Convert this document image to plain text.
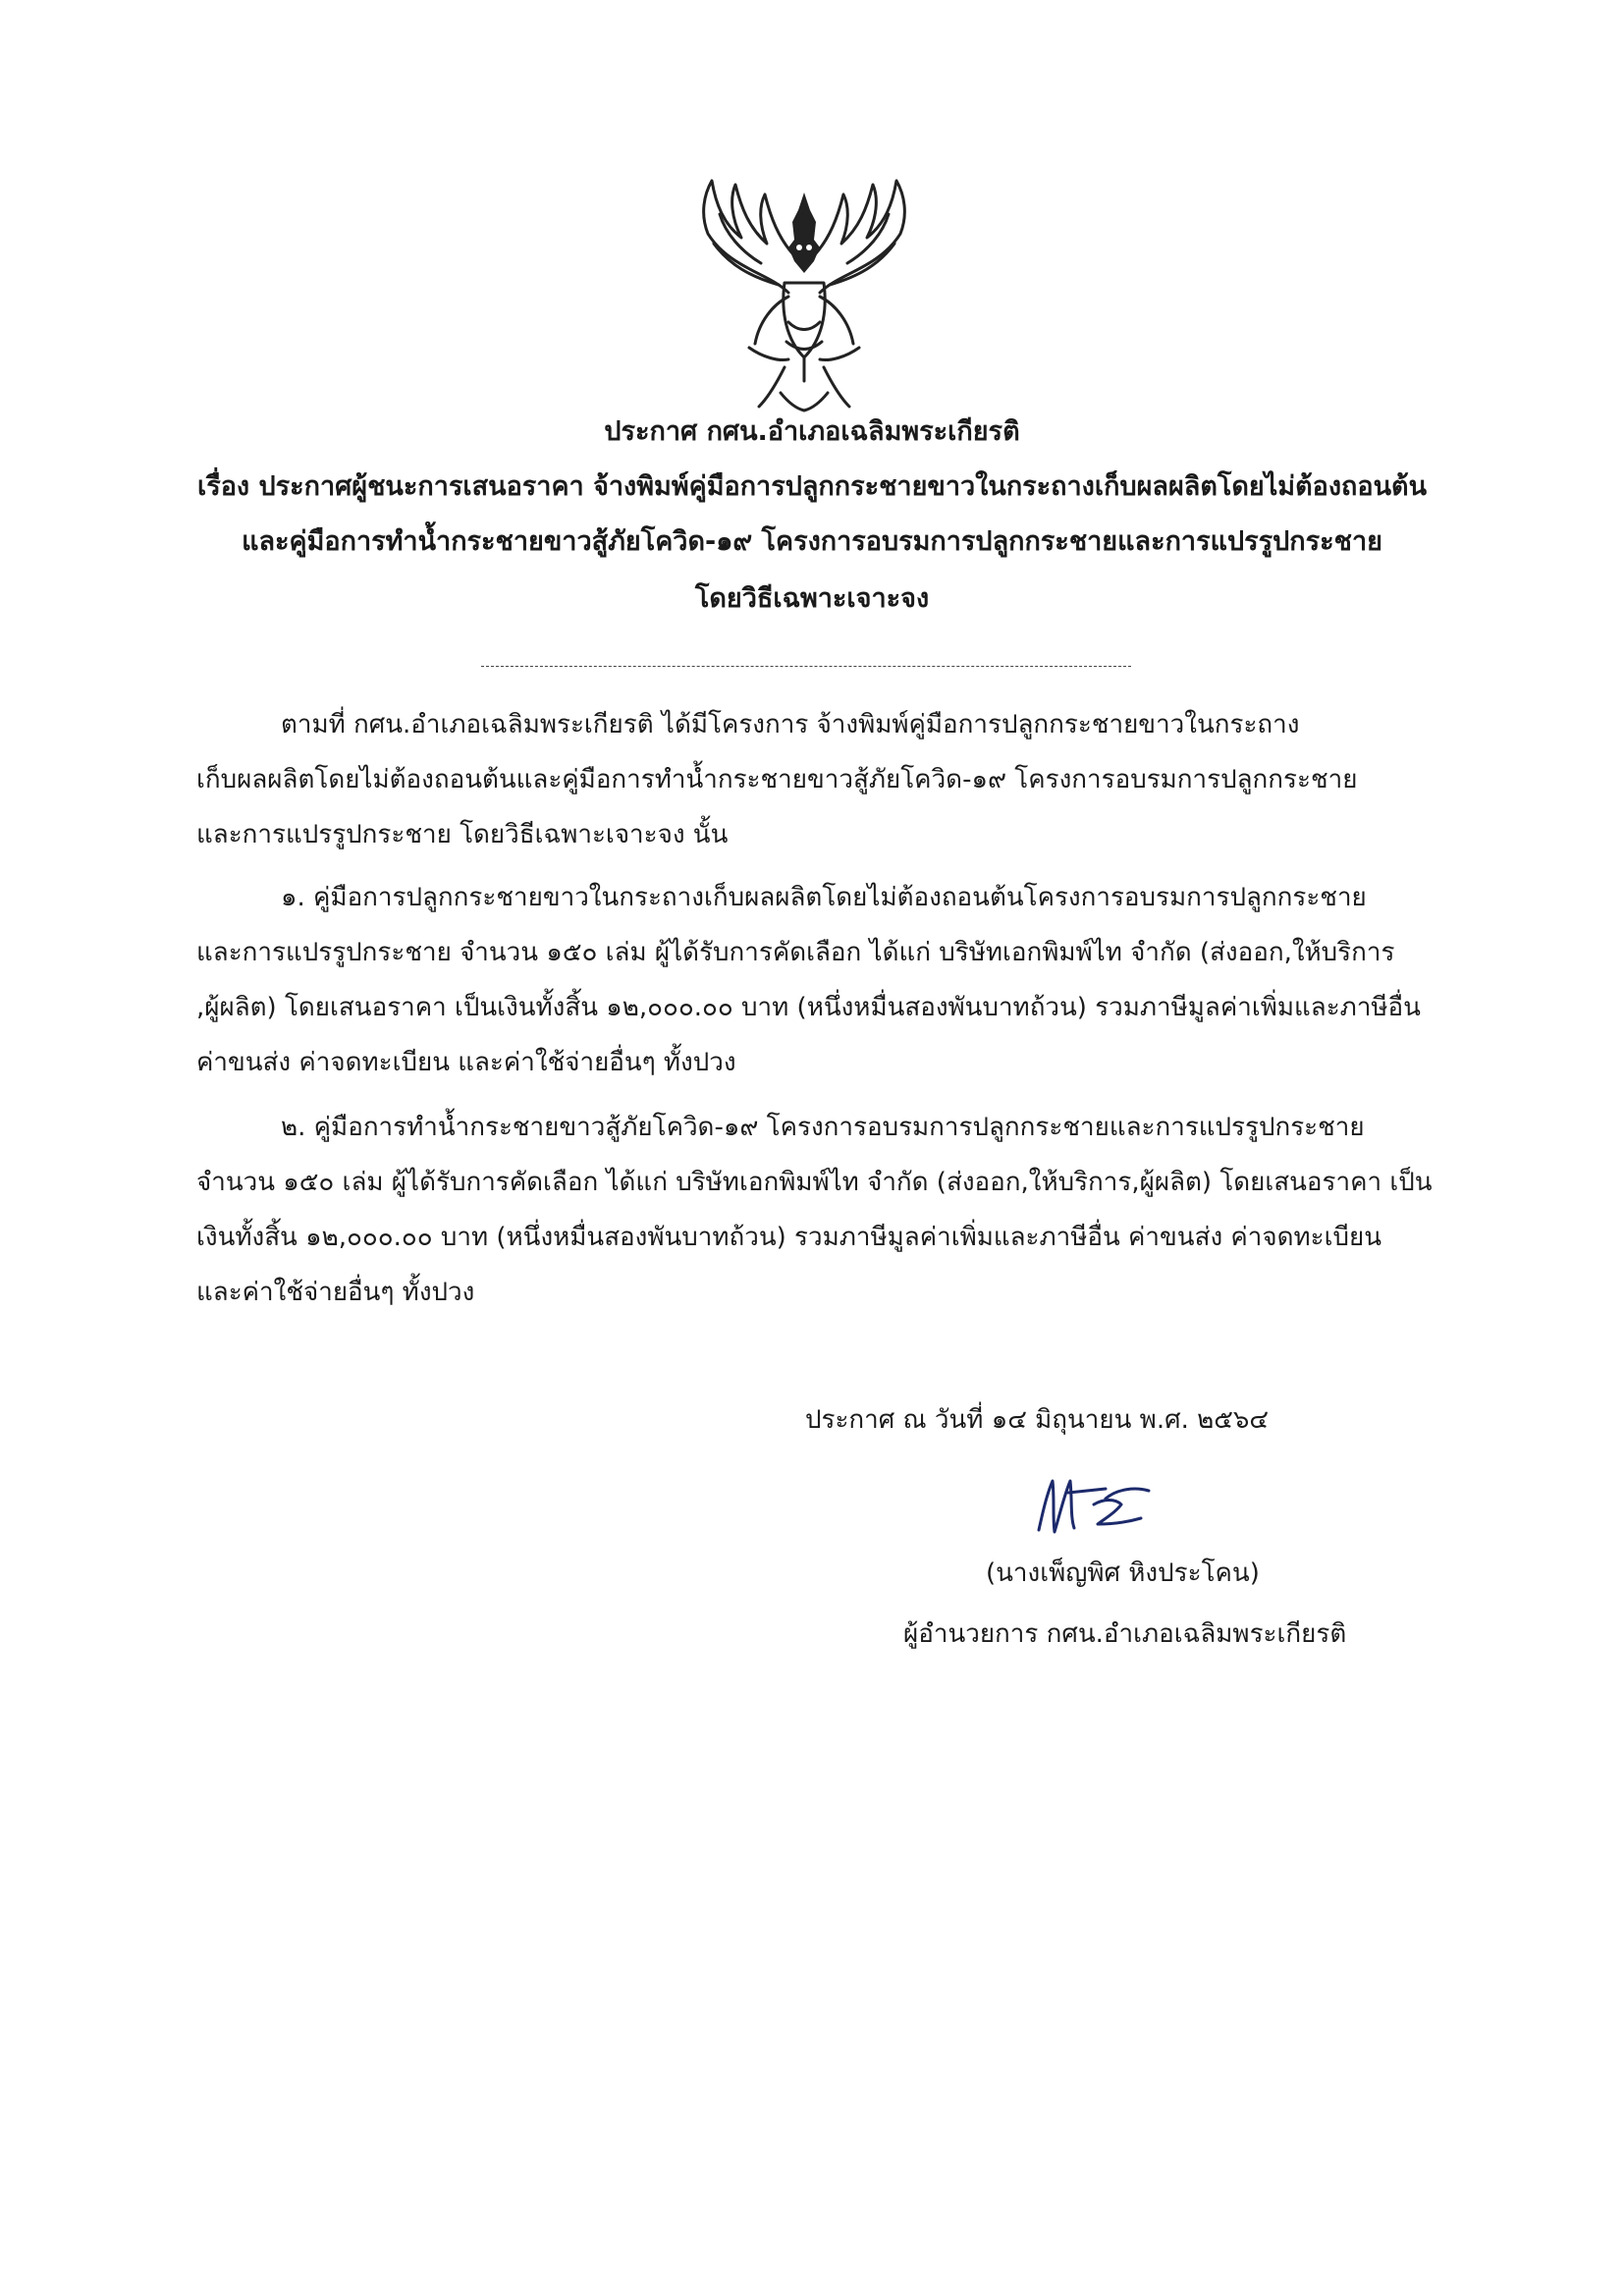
ประกาศ กศน.อำเภอเฉลิมพระเกียรติ
เรื่อง ประกาศผู้ชนะการเสนอราคา จ้างพิมพ์คู่มือการปลูกกระชายขาวในกระถางเก็บผลผลิตโดยไม่ต้องถอนต้น
และคู่มือการทำน้ำกระชายขาวสู้ภัยโควิด-๑๙ โครงการอบรมการปลูกกระชายและการแปรรูปกระชาย
โดยวิธีเฉพาะเจาะจง
ตามที่ กศน.อำเภอเฉลิมพระเกียรติ ได้มีโครงการ จ้างพิมพ์คู่มือการปลูกกระชายขาวในกระถาง
เก็บผลผลิตโดยไม่ต้องถอนต้นและคู่มือการทำน้ำกระชายขาวสู้ภัยโควิด-๑๙ โครงการอบรมการปลูกกระชาย
และการแปรรูปกระชาย โดยวิธีเฉพาะเจาะจง นั้น
๑. คู่มือการปลูกกระชายขาวในกระถางเก็บผลผลิตโดยไม่ต้องถอนต้นโครงการอบรมการปลูกกระชาย
และการแปรรูปกระชาย จำนวน ๑๕๐ เล่ม ผู้ได้รับการคัดเลือก ได้แก่ บริษัทเอกพิมพ์ไท จำกัด (ส่งออก,ให้บริการ
,ผู้ผลิต) โดยเสนอราคา เป็นเงินทั้งสิ้น ๑๒,๐๐๐.๐๐ บาท (หนึ่งหมื่นสองพันบาทถ้วน) รวมภาษีมูลค่าเพิ่มและภาษีอื่น
ค่าขนส่ง ค่าจดทะเบียน และค่าใช้จ่ายอื่นๆ ทั้งปวง
๒. คู่มือการทำน้ำกระชายขาวสู้ภัยโควิด-๑๙ โครงการอบรมการปลูกกระชายและการแปรรูปกระชาย
จำนวน ๑๕๐ เล่ม ผู้ได้รับการคัดเลือก ได้แก่ บริษัทเอกพิมพ์ไท จำกัด (ส่งออก,ให้บริการ,ผู้ผลิต) โดยเสนอราคา เป็น
เงินทั้งสิ้น ๑๒,๐๐๐.๐๐ บาท (หนึ่งหมื่นสองพันบาทถ้วน) รวมภาษีมูลค่าเพิ่มและภาษีอื่น ค่าขนส่ง ค่าจดทะเบียน
และค่าใช้จ่ายอื่นๆ ทั้งปวง
ประกาศ ณ วันที่ ๑๔ มิถุนายน พ.ศ. ๒๕๖๔
(นางเพ็ญพิศ หิงประโคน)
ผู้อำนวยการ กศน.อำเภอเฉลิมพระเกียรติ
